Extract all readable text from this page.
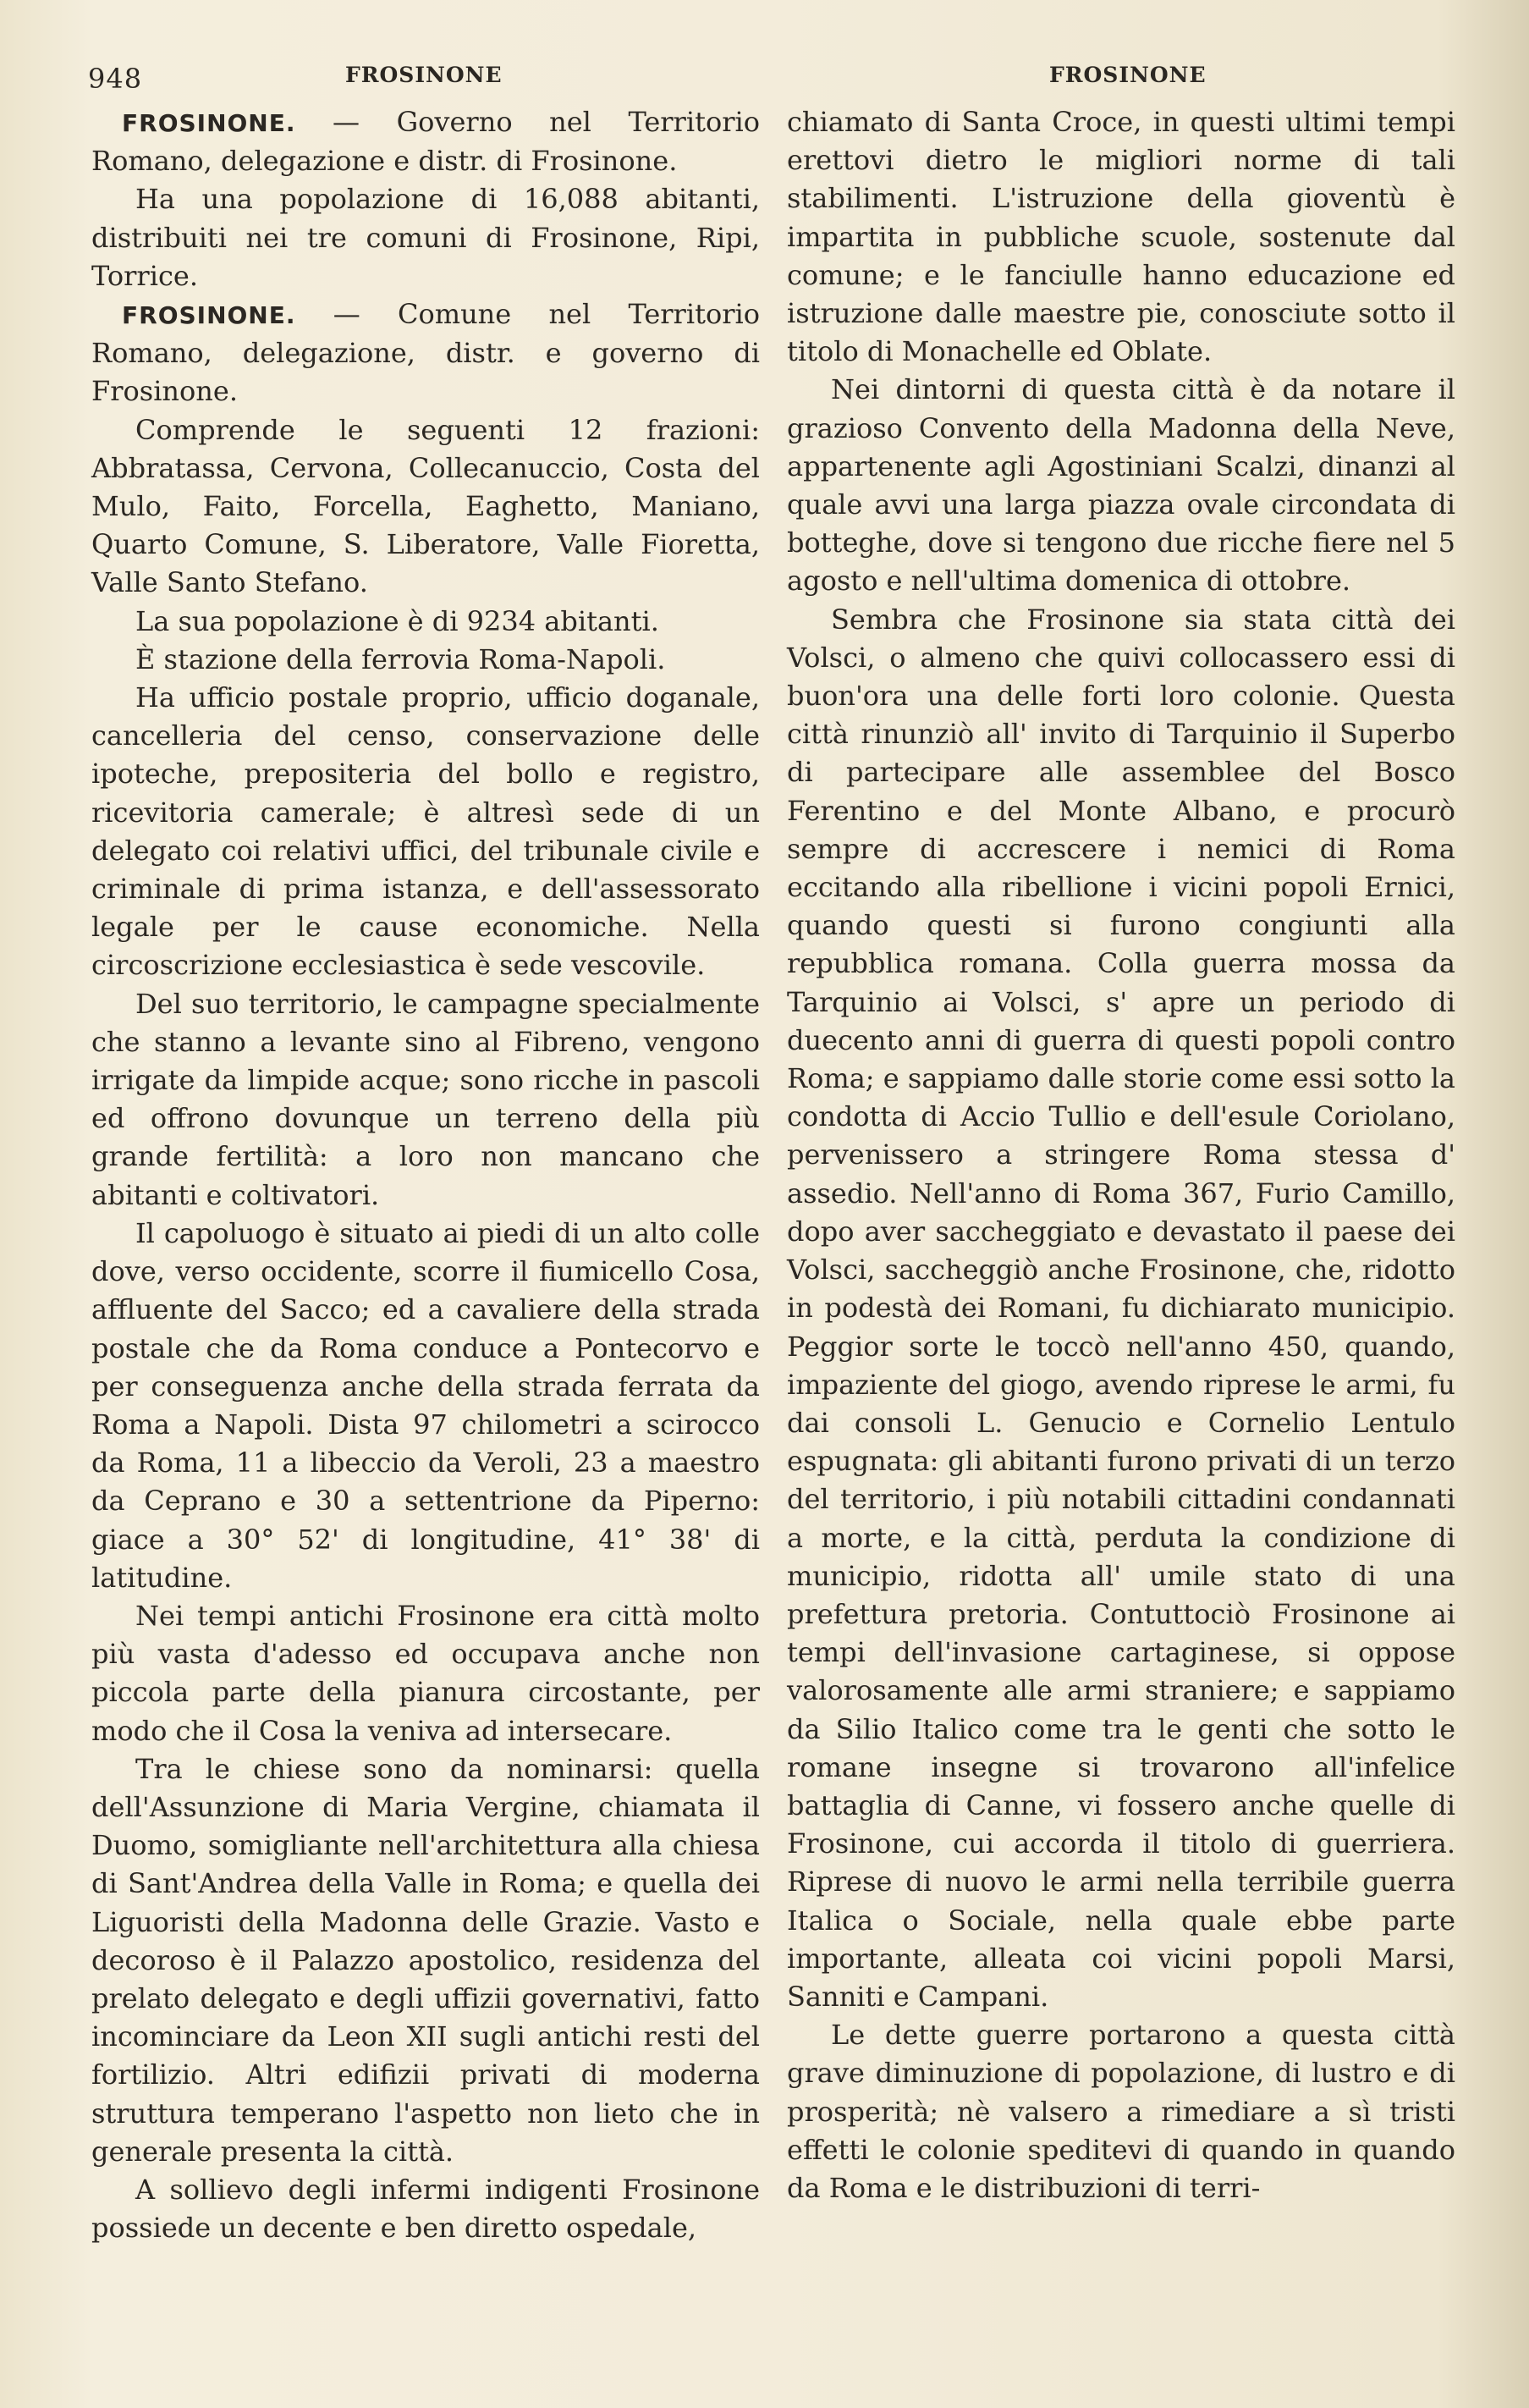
948	FROSINONE	FROSINONE

FROSINONE. — Governo nel Territorio Romano, delegazione e distr. di Frosinone.

Ha una popolazione di 16,088 abitanti, distribuiti nei tre comuni di Frosinone, Ripi, Torrice.

FROSINONE. — Comune nel Territorio Romano, delegazione, distr. e governo di Frosinone.

Comprende le seguenti 12 frazioni: Abbratassa, Cervona, Collecanuccio, Costa del Mulo, Faito, Forcella, Eaghetto, Maniano, Quarto Comune, S. Liberatore, Valle Fioretta, Valle Santo Stefano.

La sua popolazione è di 9234 abitanti.

È stazione della ferrovia Roma-Napoli.

Ha ufficio postale proprio, ufficio doganale, cancelleria del censo, conservazione delle ipoteche, prepositeria del bollo e registro, ricevitoria camerale; è altresì sede di un delegato coi relativi uffici, del tribunale civile e criminale di prima istanza, e dell'assessorato legale per le cause economiche. Nella circoscrizione ecclesiastica è sede vescovile.

Del suo territorio, le campagne specialmente che stanno a levante sino al Fibreno, vengono irrigate da limpide acque; sono ricche in pascoli ed offrono dovunque un terreno della più grande fertilità: a loro non mancano che abitanti e coltivatori.

Il capoluogo è situato ai piedi di un alto colle dove, verso occidente, scorre il fiumicello Cosa, affluente del Sacco; ed a cavaliere della strada postale che da Roma conduce a Pontecorvo e per conseguenza anche della strada ferrata da Roma a Napoli. Dista 97 chilometri a scirocco da Roma, 11 a libeccio da Veroli, 23 a maestro da Ceprano e 30 a settentrione da Piperno: giace a 30° 52' di longitudine, 41° 38' di latitudine.

Nei tempi antichi Frosinone era città molto più vasta d'adesso ed occupava anche non piccola parte della pianura circostante, per modo che il Cosa la veniva ad intersecare.

Tra le chiese sono da nominarsi: quella dell'Assunzione di Maria Vergine, chiamata il Duomo, somigliante nell'architettura alla chiesa di Sant'Andrea della Valle in Roma; e quella dei Liguoristi della Madonna delle Grazie. Vasto e decoroso è il Palazzo apostolico, residenza del prelato delegato e degli uffizii governativi, fatto incominciare da Leon XII sugli antichi resti del fortilizio. Altri edifizii privati di moderna struttura temperano l'aspetto non lieto che in generale presenta la città.

A sollievo degli infermi indigenti Frosinone possiede un decente e ben diretto ospedale,

chiamato di Santa Croce, in questi ultimi tempi erettovi dietro le migliori norme di tali stabilimenti. L'istruzione della gioventù è impartita in pubbliche scuole, sostenute dal comune; e le fanciulle hanno educazione ed istruzione dalle maestre pie, conosciute sotto il titolo di Monachelle ed Oblate.

Nei dintorni di questa città è da notare il grazioso Convento della Madonna della Neve, appartenente agli Agostiniani Scalzi, dinanzi al quale avvi una larga piazza ovale circondata di botteghe, dove si tengono due ricche fiere nel 5 agosto e nell'ultima domenica di ottobre.

Sembra che Frosinone sia stata città dei Volsci, o almeno che quivi collocassero essi di buon'ora una delle forti loro colonie. Questa città rinunziò all' invito di Tarquinio il Superbo di partecipare alle assemblee del Bosco Ferentino e del Monte Albano, e procurò sempre di accrescere i nemici di Roma eccitando alla ribellione i vicini popoli Ernici, quando questi si furono congiunti alla repubblica romana. Colla guerra mossa da Tarquinio ai Volsci, s' apre un periodo di duecento anni di guerra di questi popoli contro Roma; e sappiamo dalle storie come essi sotto la condotta di Accio Tullio e dell'esule Coriolano, pervenissero a stringere Roma stessa d' assedio. Nell'anno di Roma 367, Furio Camillo, dopo aver saccheggiato e devastato il paese dei Volsci, saccheggiò anche Frosinone, che, ridotto in podestà dei Romani, fu dichiarato municipio. Peggior sorte le toccò nell'anno 450, quando, impaziente del giogo, avendo riprese le armi, fu dai consoli L. Genucio e Cornelio Lentulo espugnata: gli abitanti furono privati di un terzo del territorio, i più notabili cittadini condannati a morte, e la città, perduta la condizione di municipio, ridotta all' umile stato di una prefettura pretoria. Contuttociò Frosinone ai tempi dell'invasione cartaginese, si oppose valorosamente alle armi straniere; e sappiamo da Silio Italico come tra le genti che sotto le romane insegne si trovarono all'infelice battaglia di Canne, vi fossero anche quelle di Frosinone, cui accorda il titolo di guerriera. Riprese di nuovo le armi nella terribile guerra Italica o Sociale, nella quale ebbe parte importante, alleata coi vicini popoli Marsi, Sanniti e Campani.

Le dette guerre portarono a questa città grave diminuzione di popolazione, di lustro e di prosperità; nè valsero a rimediare a sì tristi effetti le colonie speditevi di quando in quando da Roma e le distribuzioni di terri-
